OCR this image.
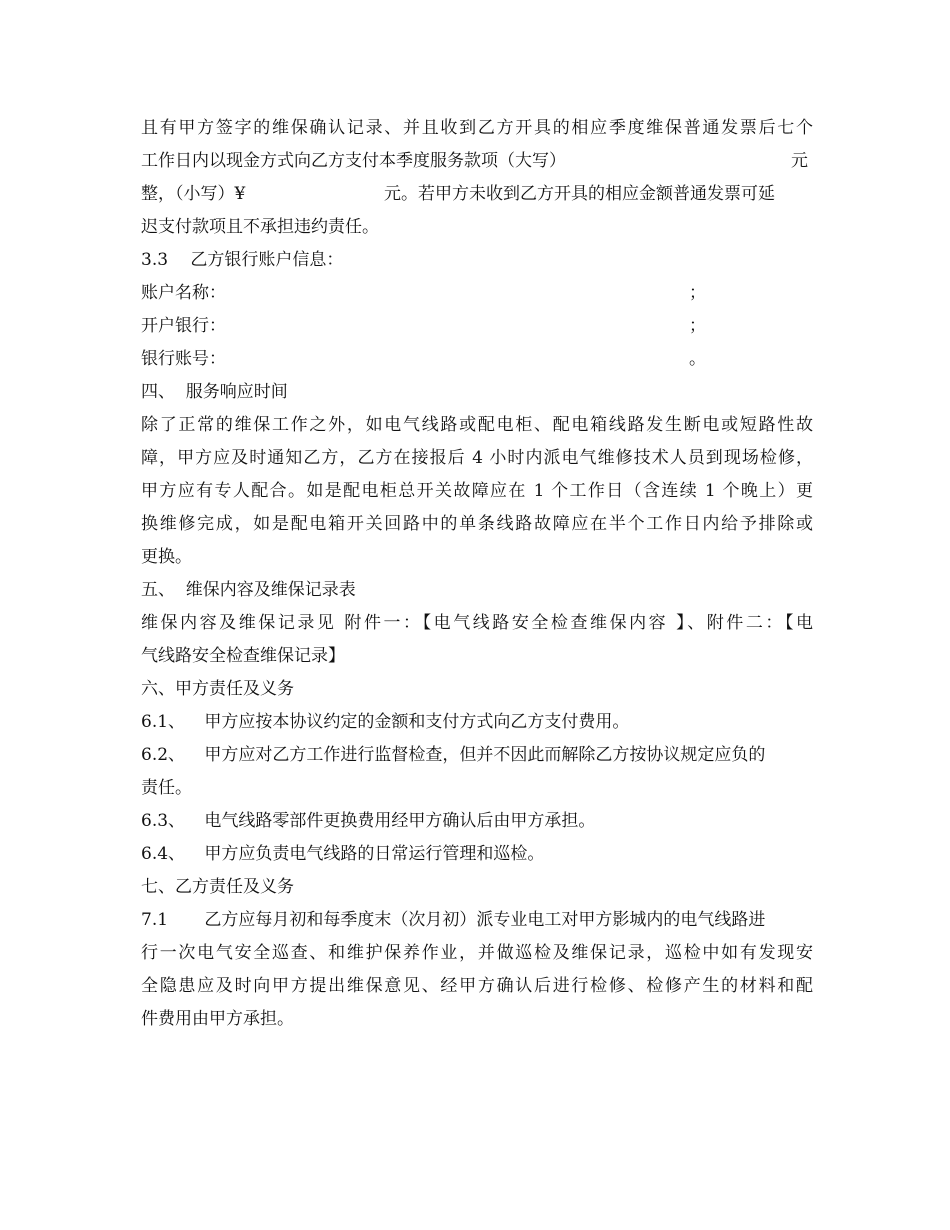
且有甲方签字的维保确认记录、并且收到乙方开具的相应季度维保普通发票后七个
工作日内以现金方式向乙方支付本季度服务款项（大写）	元
整，（小写）¥	元。若甲方未收到乙方开具的相应金额普通发票可延
迟支付款项且不承担违约责任。
3.3 乙方银行账户信息：
账户名称：	；
开户银行：	；
银行账号：	。
四、  服务响应时间
除了正常的维保工作之外，如电气线路或配电柜、配电箱线路发生断电或短路性故
障，甲方应及时通知乙方，乙方在接报后 4 小时内派电气维修技术人员到现场检修，
甲方应有专人配合。如是配电柜总开关故障应在 1 个工作日（含连续 1 个晚上）更
换维修完成，如是配电箱开关回路中的单条线路故障应在半个工作日内给予排除或
更换。
五、  维保内容及维保记录表
维保内容及维保记录见 附件一：【电气线路安全检查维保内容 】、附件二：【电
气线路安全检查维保记录】
六、甲方责任及义务
6.1、 甲方应按本协议约定的金额和支付方式向乙方支付费用。
6.2、 甲方应对乙方工作进行监督检查，但并不因此而解除乙方按协议规定应负的
责任。
6.3、 电气线路零部件更换费用经甲方确认后由甲方承担。
6.4、 甲方应负责电气线路的日常运行管理和巡检。
七、乙方责任及义务
7.1 乙方应每月初和每季度末（次月初）派专业电工对甲方影城内的电气线路进
行一次电气安全巡查、和维护保养作业，并做巡检及维保记录，巡检中如有发现安
全隐患应及时向甲方提出维保意见、经甲方确认后进行检修、检修产生的材料和配
件费用由甲方承担。
